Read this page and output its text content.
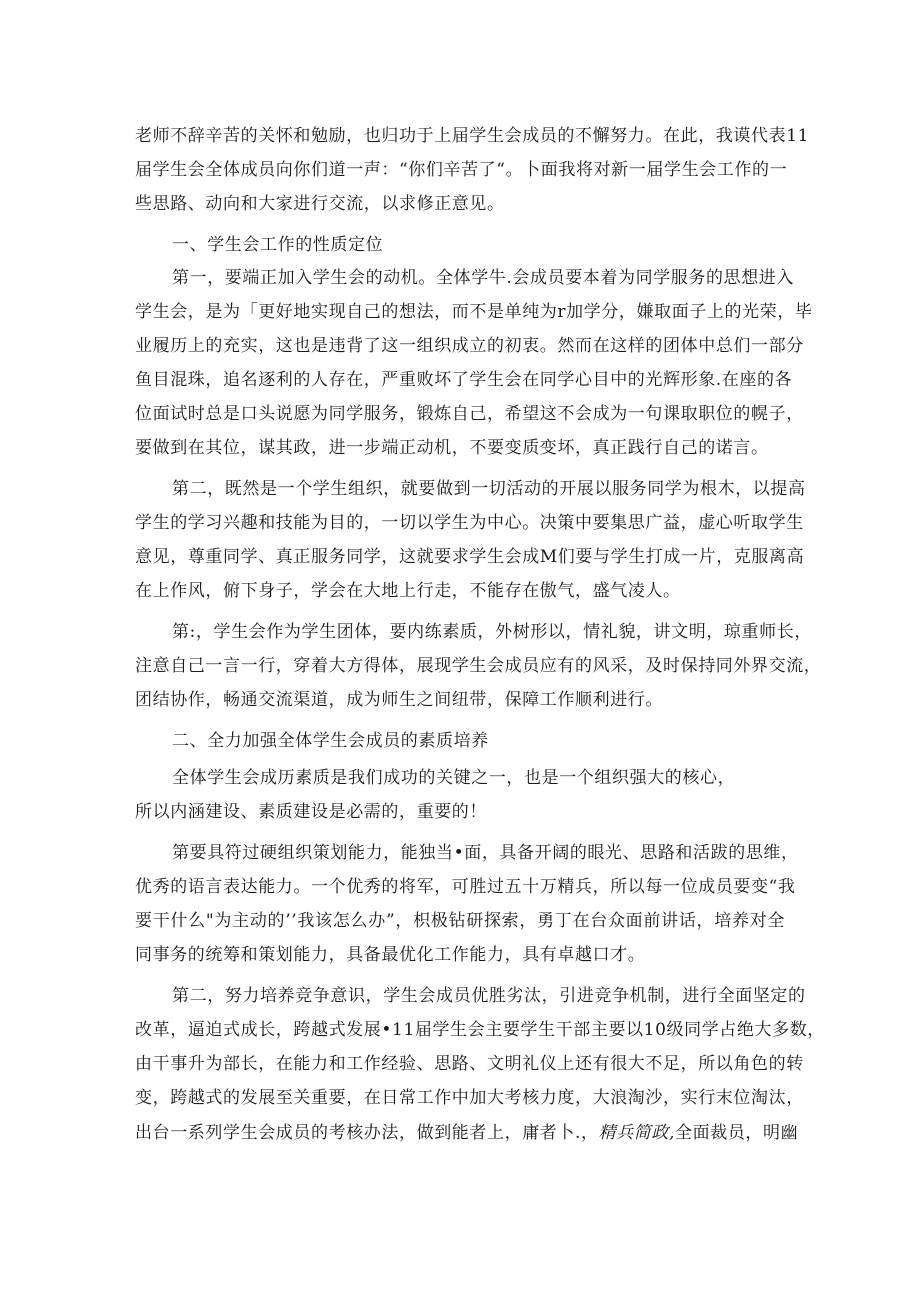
老师不辞辛苦的关怀和勉励，也归功于上届学生会成员的不懈努力。在此，我谟代表11
届学生会全体成员向你们道一声：“你们辛苦了“。卜面我将对新一届学生会工作的一
些思路、动向和大家进行交流，以求修正意见。
一、学生会工作的性质定位
第一，要端正加入学生会的动机。全体学牛.会成员要本着为同学服务的思想进入
学生会，是为「更好地实现自己的想法，而不是单纯为r加学分，嫌取面子上的光荣，毕
业履历上的充实，这也是违背了这一组织成立的初衷。然而在这样的团体中总们一部分
鱼目混珠，追名逐利的人存在，严重败坏了学生会在同学心目中的光辉形象.在座的各
位面试时总是口头说愿为同学服务，锻炼自己，希望这不会成为一句课取职位的幌子，
要做到在其位，谋其政，进一步端正动机，不要变质变坏，真正践行自己的诺言。
第二，既然是一个学生组织，就要做到一切活动的开展以服务同学为根木，以提高
学生的学习兴趣和技能为目的，一切以学生为中心。决策中要集思广益，虚心听取学生
意见，尊重同学、真正服务同学，这就要求学生会成M们要与学生打成一片，克服离高
在上作风，俯下身子，学会在大地上行走，不能存在傲气，盛气凌人。
第:，学生会作为学生团体，要内练素质，外树形以，情礼貌，讲文明，琼重师长，
注意自己一言一行，穿着大方得体，展现学生会成员应有的风采，及时保持同外界交流，
团结协作，畅通交流渠道，成为师生之间纽带，保障工作顺利进行。
二、全力加强全体学生会成员的素质培养
全体学生会成历素质是我们成功的关键之一，也是一个组织强大的核心，
所以内涵建设、素质建设是必需的，重要的！
第要具符过硬组织策划能力，能独当•面，具备开阔的眼光、思路和活跋的思维，
优秀的语言表达能力。一个优秀的将军，可胜过五十万精兵，所以每一位成员要变“我
要干什么"为主动的’’我该怎么办”，枳极钻研探索，勇丁在台众面前讲话，培养对全
同事务的统筹和策划能力，具备最优化工作能力，具有卓越口才。
第二，努力培养竞争意识，学生会成员优胜劣汰，引进竞争机制，进行全面坚定的
改革，逼迫式成长，跨越式发展•11届学生会主要学生干部主要以10级同学占绝大多数，
由干事升为部长，在能力和工作经验、思路、文明礼仪上还有很大不足，所以角色的转
变，跨越式的发展至关重要，在日常工作中加大考核力度，大浪淘沙，实行末位淘汰，
出台一系列学生会成员的考核办法，做到能者上，庸者卜.，精兵简政,全面裁员，明幽
